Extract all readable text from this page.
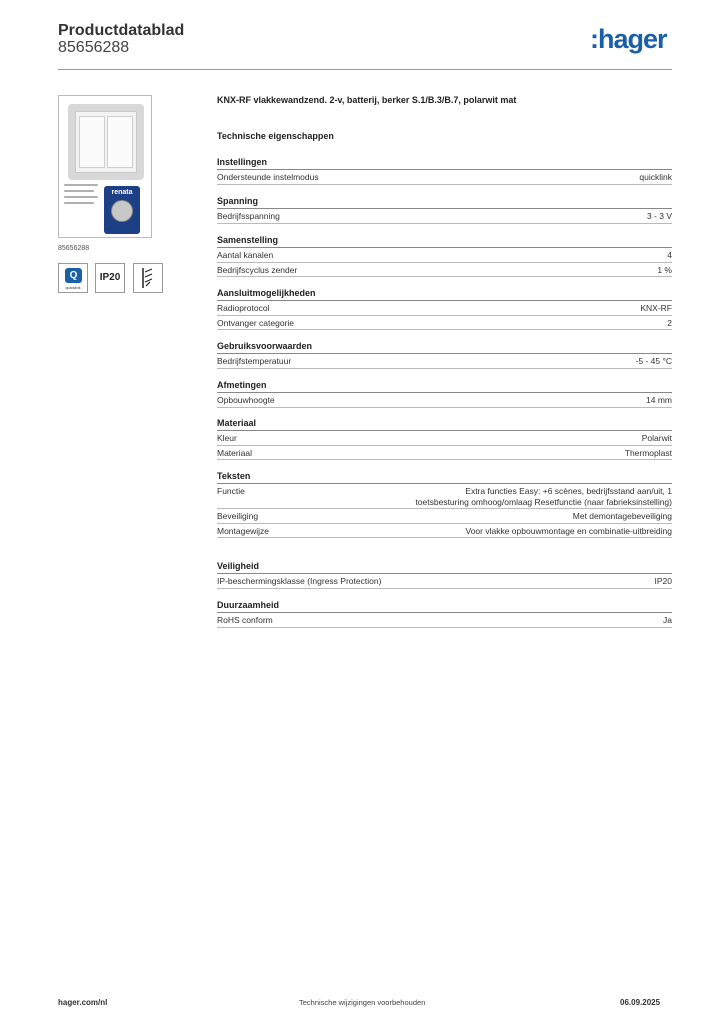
Productdatablad
85656288	:hager
renata
85656288
Q
quicklink
IP20
KNX-RF vlakkewandzend. 2-v, batterij, berker S.1/B.3/B.7, polarwit mat
Technische eigenschappen
Instellingen
Ondersteunde instelmodus	quicklink
Spanning
Bedrijfsspanning	3 - 3 V
Samenstelling
Aantal kanalen	4
Bedrijfscyclus zender	1 %
Aansluitmogelijkheden
Radioprotocol	KNX-RF
Ontvanger categorie	2
Gebruiksvoorwaarden
Bedrijfstemperatuur	-5 - 45 °C
Afmetingen
Opbouwhoogte	14 mm
Materiaal
Kleur	Polarwit
Materiaal	Thermoplast
Teksten
Functie	Extra functies Easy: +6 scènes, bedrijfsstand aan/uit, 1 toetsbesturing omhoog/omlaag Resetfunctie (naar fabrieksinstelling)
Beveiliging	Met demontagebeveiliging
Montagewijze	Voor vlakke opbouwmontage en combinatie-uitbreiding
Veiligheid
IP-beschermingsklasse (Ingress Protection)	IP20
Duurzaamheid
RoHS conform	Ja
hager.com/nl	Technische wijzigingen voorbehouden	06.09.2025
